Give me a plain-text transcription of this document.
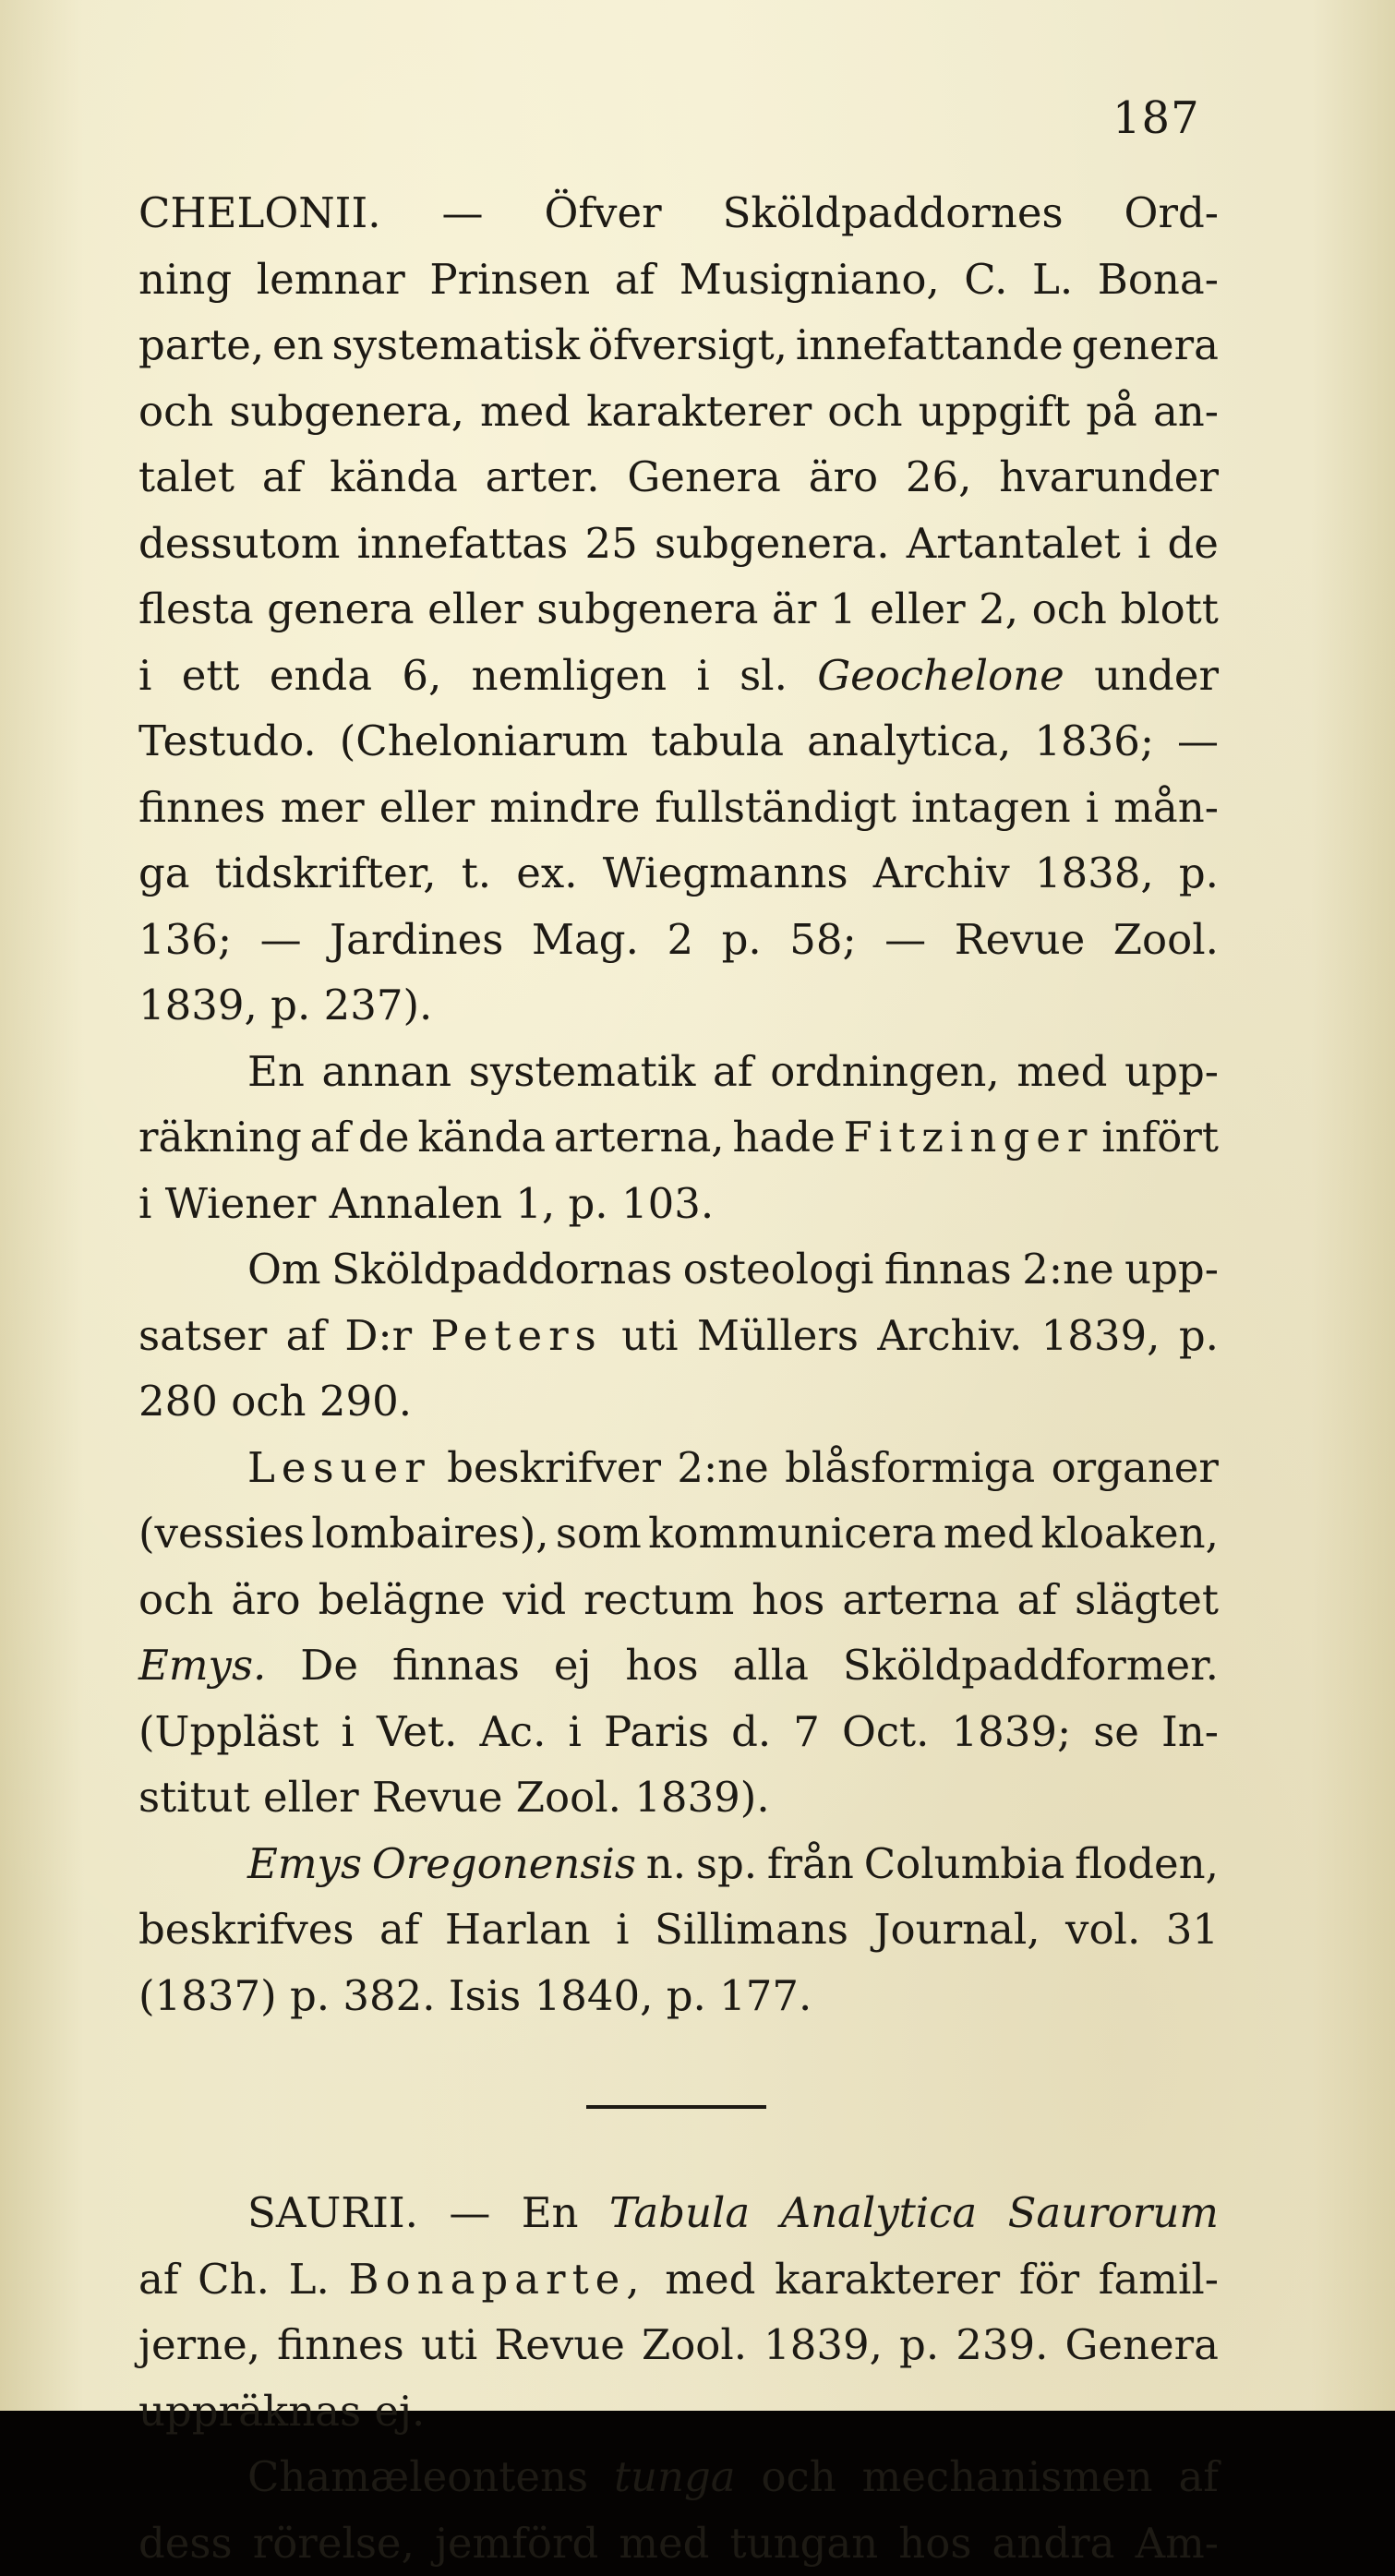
187
CHELONII. — Öfver Sköldpaddornes Ord-
ning lemnar Prinsen af Musigniano, C. L. Bona-
parte, en systematisk öfversigt, innefattande genera
och subgenera, med karakterer och uppgift på an-
talet af kända arter. Genera äro 26, hvarunder
dessutom innefattas 25 subgenera. Artantalet i de
flesta genera eller subgenera är 1 eller 2, och blott
i ett enda 6, nemligen i sl. Geochelone under
Testudo. (Cheloniarum tabula analytica, 1836; —
finnes mer eller mindre fullständigt intagen i mån-
ga tidskrifter, t. ex. Wiegmanns Archiv 1838, p.
136; — Jardines Mag. 2 p. 58; — Revue Zool.
1839, p. 237).
En annan systematik af ordningen, med upp-
räkning af de kända arterna, hade Fitzinger infört
i Wiener Annalen 1, p. 103.
Om Sköldpaddornas osteologi finnas 2:ne upp-
satser af D:r Peters uti Müllers Archiv. 1839, p.
280 och 290.
Lesuer beskrifver 2:ne blåsformiga organer
(vessies lombaires), som kommunicera med kloaken,
och äro belägne vid rectum hos arterna af slägtet
Emys. De finnas ej hos alla Sköldpaddformer.
(Uppläst i Vet. Ac. i Paris d. 7 Oct. 1839; se In-
stitut eller Revue Zool. 1839).
Emys Oregonensis n. sp. från Columbia floden,
beskrifves af Harlan i Sillimans Journal, vol. 31
(1837) p. 382. Isis 1840, p. 177.
SAURII. — En Tabula Analytica Saurorum
af Ch. L. Bonaparte, med karakterer för famil-
jerne, finnes uti Revue Zool. 1839, p. 239. Genera
uppräknas ej.
Chamæleontens tunga och mechanismen af
dess rörelse, jemförd med tungan hos andra Am-
